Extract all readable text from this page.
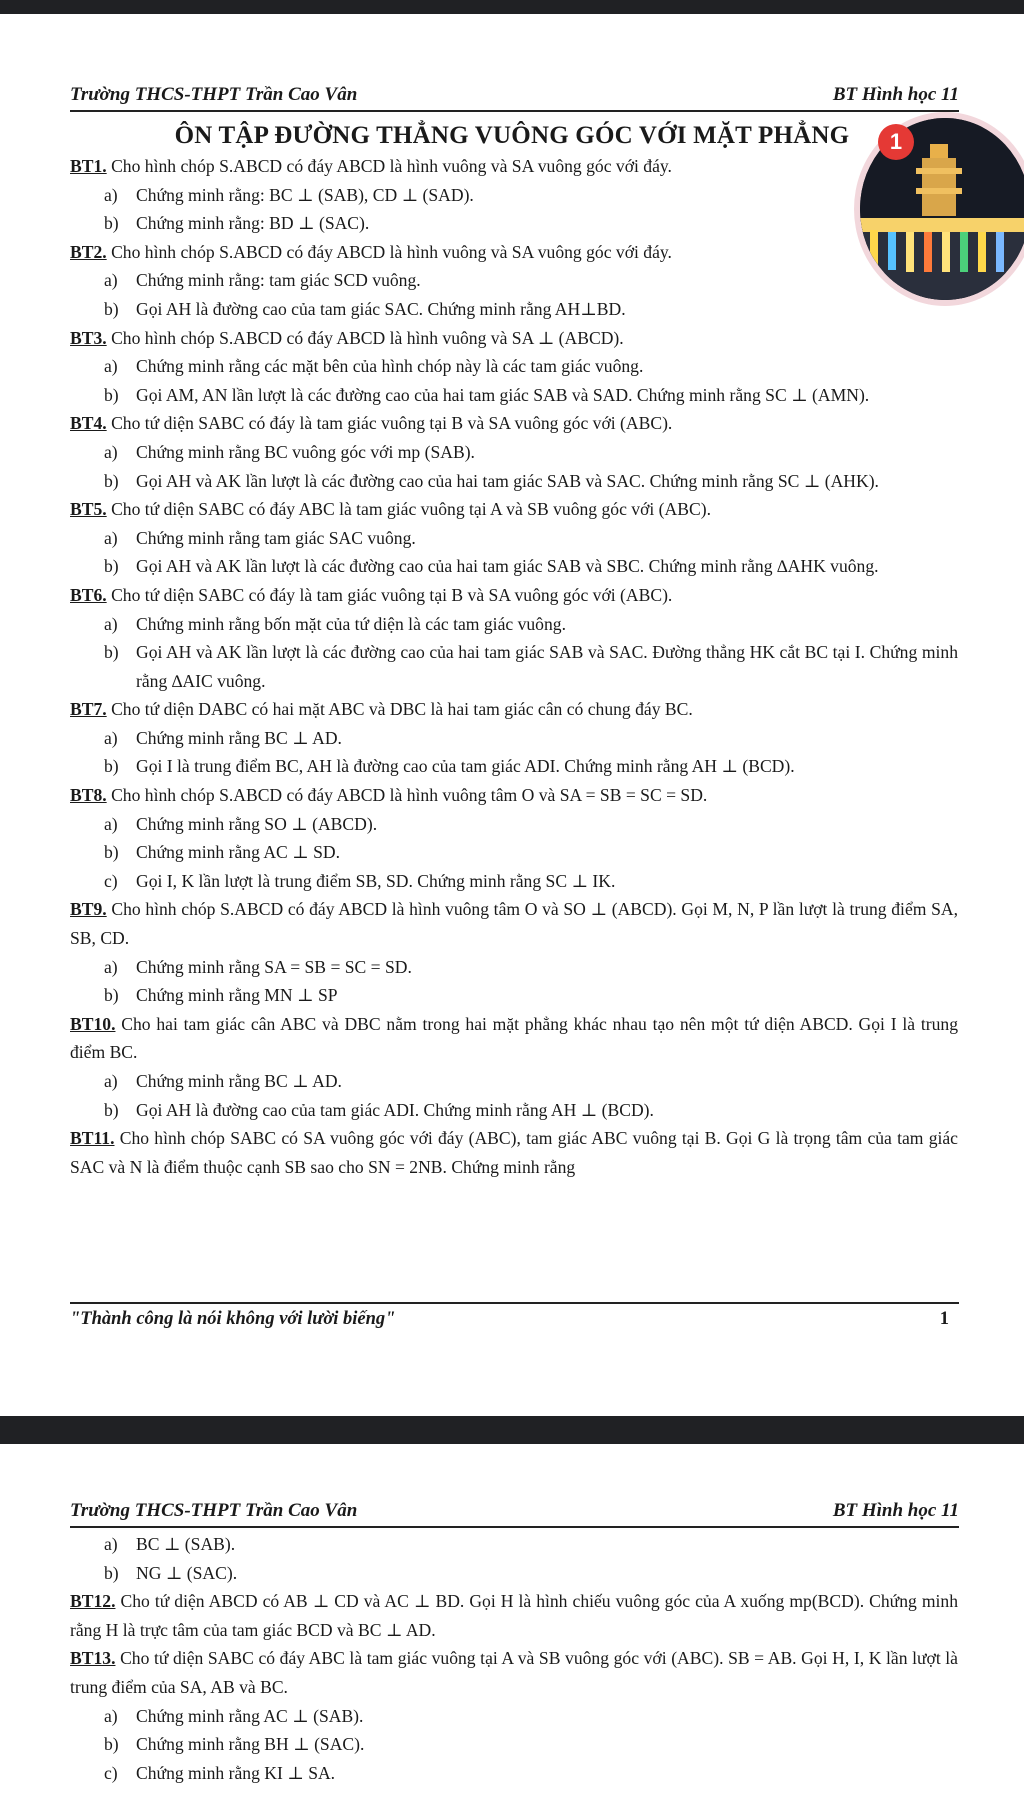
Trường THCS-THPT Trần Cao Vân	BT Hình học 11
ÔN TẬP ĐƯỜNG THẲNG VUÔNG GÓC VỚI MẶT PHẲNG

BT1. Cho hình chóp S.ABCD có đáy ABCD là hình vuông và SA vuông góc với đáy.

a) Chứng minh rằng: BC ⊥ (SAB), CD ⊥ (SAD).

b) Chứng minh rằng: BD ⊥ (SAC).

BT2. Cho hình chóp S.ABCD có đáy ABCD là hình vuông và SA vuông góc với đáy.

a) Chứng minh rằng: tam giác SCD vuông.

b) Gọi AH là đường cao của tam giác SAC. Chứng minh rằng AH⊥BD.

BT3. Cho hình chóp S.ABCD có đáy ABCD là hình vuông và SA ⊥ (ABCD).

a) Chứng minh rằng các mặt bên của hình chóp này là các tam giác vuông.

b) Gọi AM, AN lần lượt là các đường cao của hai tam giác SAB và SAD. Chứng minh rằng SC ⊥ (AMN).

BT4. Cho tứ diện SABC có đáy là tam giác vuông tại B và SA vuông góc với (ABC).

a) Chứng minh rằng BC vuông góc với mp (SAB).

b) Gọi AH và AK lần lượt là các đường cao của hai tam giác SAB và SAC. Chứng minh rằng SC ⊥ (AHK).

BT5. Cho tứ diện SABC có đáy ABC là tam giác vuông tại A và SB vuông góc với (ABC).

a) Chứng minh rằng tam giác SAC vuông.

b) Gọi AH và AK lần lượt là các đường cao của hai tam giác SAB và SBC. Chứng minh rằng ∆AHK vuông.

BT6. Cho tứ diện SABC có đáy là tam giác vuông tại B và SA vuông góc với (ABC).

a) Chứng minh rằng bốn mặt của tứ diện là các tam giác vuông.

b) Gọi AH và AK lần lượt là các đường cao của hai tam giác SAB và SAC. Đường thẳng HK cắt BC tại I. Chứng minh rằng ∆AIC vuông.

BT7. Cho tứ diện DABC có hai mặt ABC và DBC là hai tam giác cân có chung đáy BC.

a) Chứng minh rằng BC ⊥ AD.

b) Gọi I là trung điểm BC, AH là đường cao của tam giác ADI. Chứng minh rằng AH ⊥ (BCD).

BT8. Cho hình chóp S.ABCD có đáy ABCD là hình vuông tâm O và SA = SB = SC = SD.

a) Chứng minh rằng SO ⊥ (ABCD).

b) Chứng minh rằng AC ⊥ SD.

c) Gọi I, K lần lượt là trung điểm SB, SD. Chứng minh rằng SC ⊥ IK.

BT9. Cho hình chóp S.ABCD có đáy ABCD là hình vuông tâm O và SO ⊥ (ABCD). Gọi M, N, P lần lượt là trung điểm SA, SB, CD.

a) Chứng minh rằng SA = SB = SC = SD.

b) Chứng minh rằng MN ⊥ SP

BT10. Cho hai tam giác cân ABC và DBC nằm trong hai mặt phẳng khác nhau tạo nên một tứ diện ABCD. Gọi I là trung điểm BC.

a) Chứng minh rằng BC ⊥ AD.

b) Gọi AH là đường cao của tam giác ADI. Chứng minh rằng AH ⊥ (BCD).

BT11. Cho hình chóp SABC có SA vuông góc với đáy (ABC), tam giác ABC vuông tại B. Gọi G là trọng tâm của tam giác SAC và N là điểm thuộc cạnh SB sao cho SN = 2NB. Chứng minh rằng

"Thành công là nói không với lười biếng"	1
1
Trường THCS-THPT Trần Cao Vân	BT Hình học 11

a) BC ⊥ (SAB).

b) NG ⊥ (SAC).

BT12. Cho tứ diện ABCD có AB ⊥ CD và AC ⊥ BD. Gọi H là hình chiếu vuông góc của A xuống mp(BCD). Chứng minh rằng H là trực tâm của tam giác BCD và BC ⊥ AD.

BT13. Cho tứ diện SABC có đáy ABC là tam giác vuông tại A và SB vuông góc với (ABC). SB = AB. Gọi H, I, K lần lượt là trung điểm của SA, AB và BC.

a) Chứng minh rằng AC ⊥ (SAB).

b) Chứng minh rằng BH ⊥ (SAC).

c) Chứng minh rằng KI ⊥ SA.
